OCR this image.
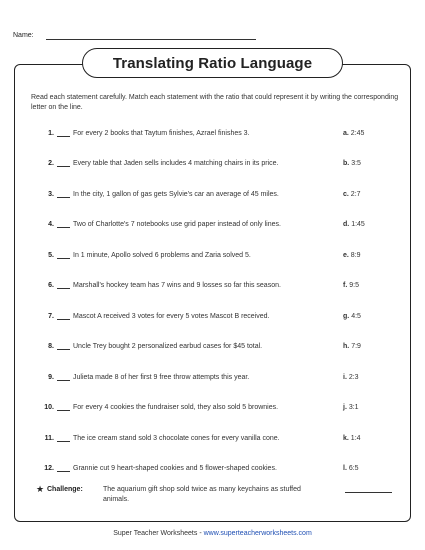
Name:
Translating Ratio Language

Read each statement carefully. Match each statement with the ratio that could represent it by writing the corresponding letter on the line.

1.	For every 2 books that Taytum finishes, Azrael finishes 3.	a. 2:45
2.	Every table that Jaden sells includes 4 matching chairs in its price.	b. 3:5
3.	In the city, 1 gallon of gas gets Sylvie's car an average of 45 miles.	c. 2:7
4.	Two of Charlotte's 7 notebooks use grid paper instead of only lines.	d. 1:45
5.	In 1 minute, Apollo solved 6 problems and Zaria solved 5.	e. 8:9
6.	Marshall's hockey team has 7 wins and 9 losses so far this season.	f. 9:5
7.	Mascot A received 3 votes for every 5 votes Mascot B received.	g. 4:5
8.	Uncle Trey bought 2 personalized earbud cases for $45 total.	h. 7:9
9.	Julieta made 8 of her first 9 free throw attempts this year.	i. 2:3
10.	For every 4 cookies the fundraiser sold, they also sold 5 brownies.	j. 3:1
11.	The ice cream stand sold 3 chocolate cones for every vanilla cone.	k. 1:4
12.	Grannie cut 9 heart-shaped cookies and 5 flower-shaped cookies.	l. 6:5
★ Challenge:	The aquarium gift shop sold twice as many keychains as stuffed animals.
Super Teacher Worksheets - www.superteacherworksheets.com
